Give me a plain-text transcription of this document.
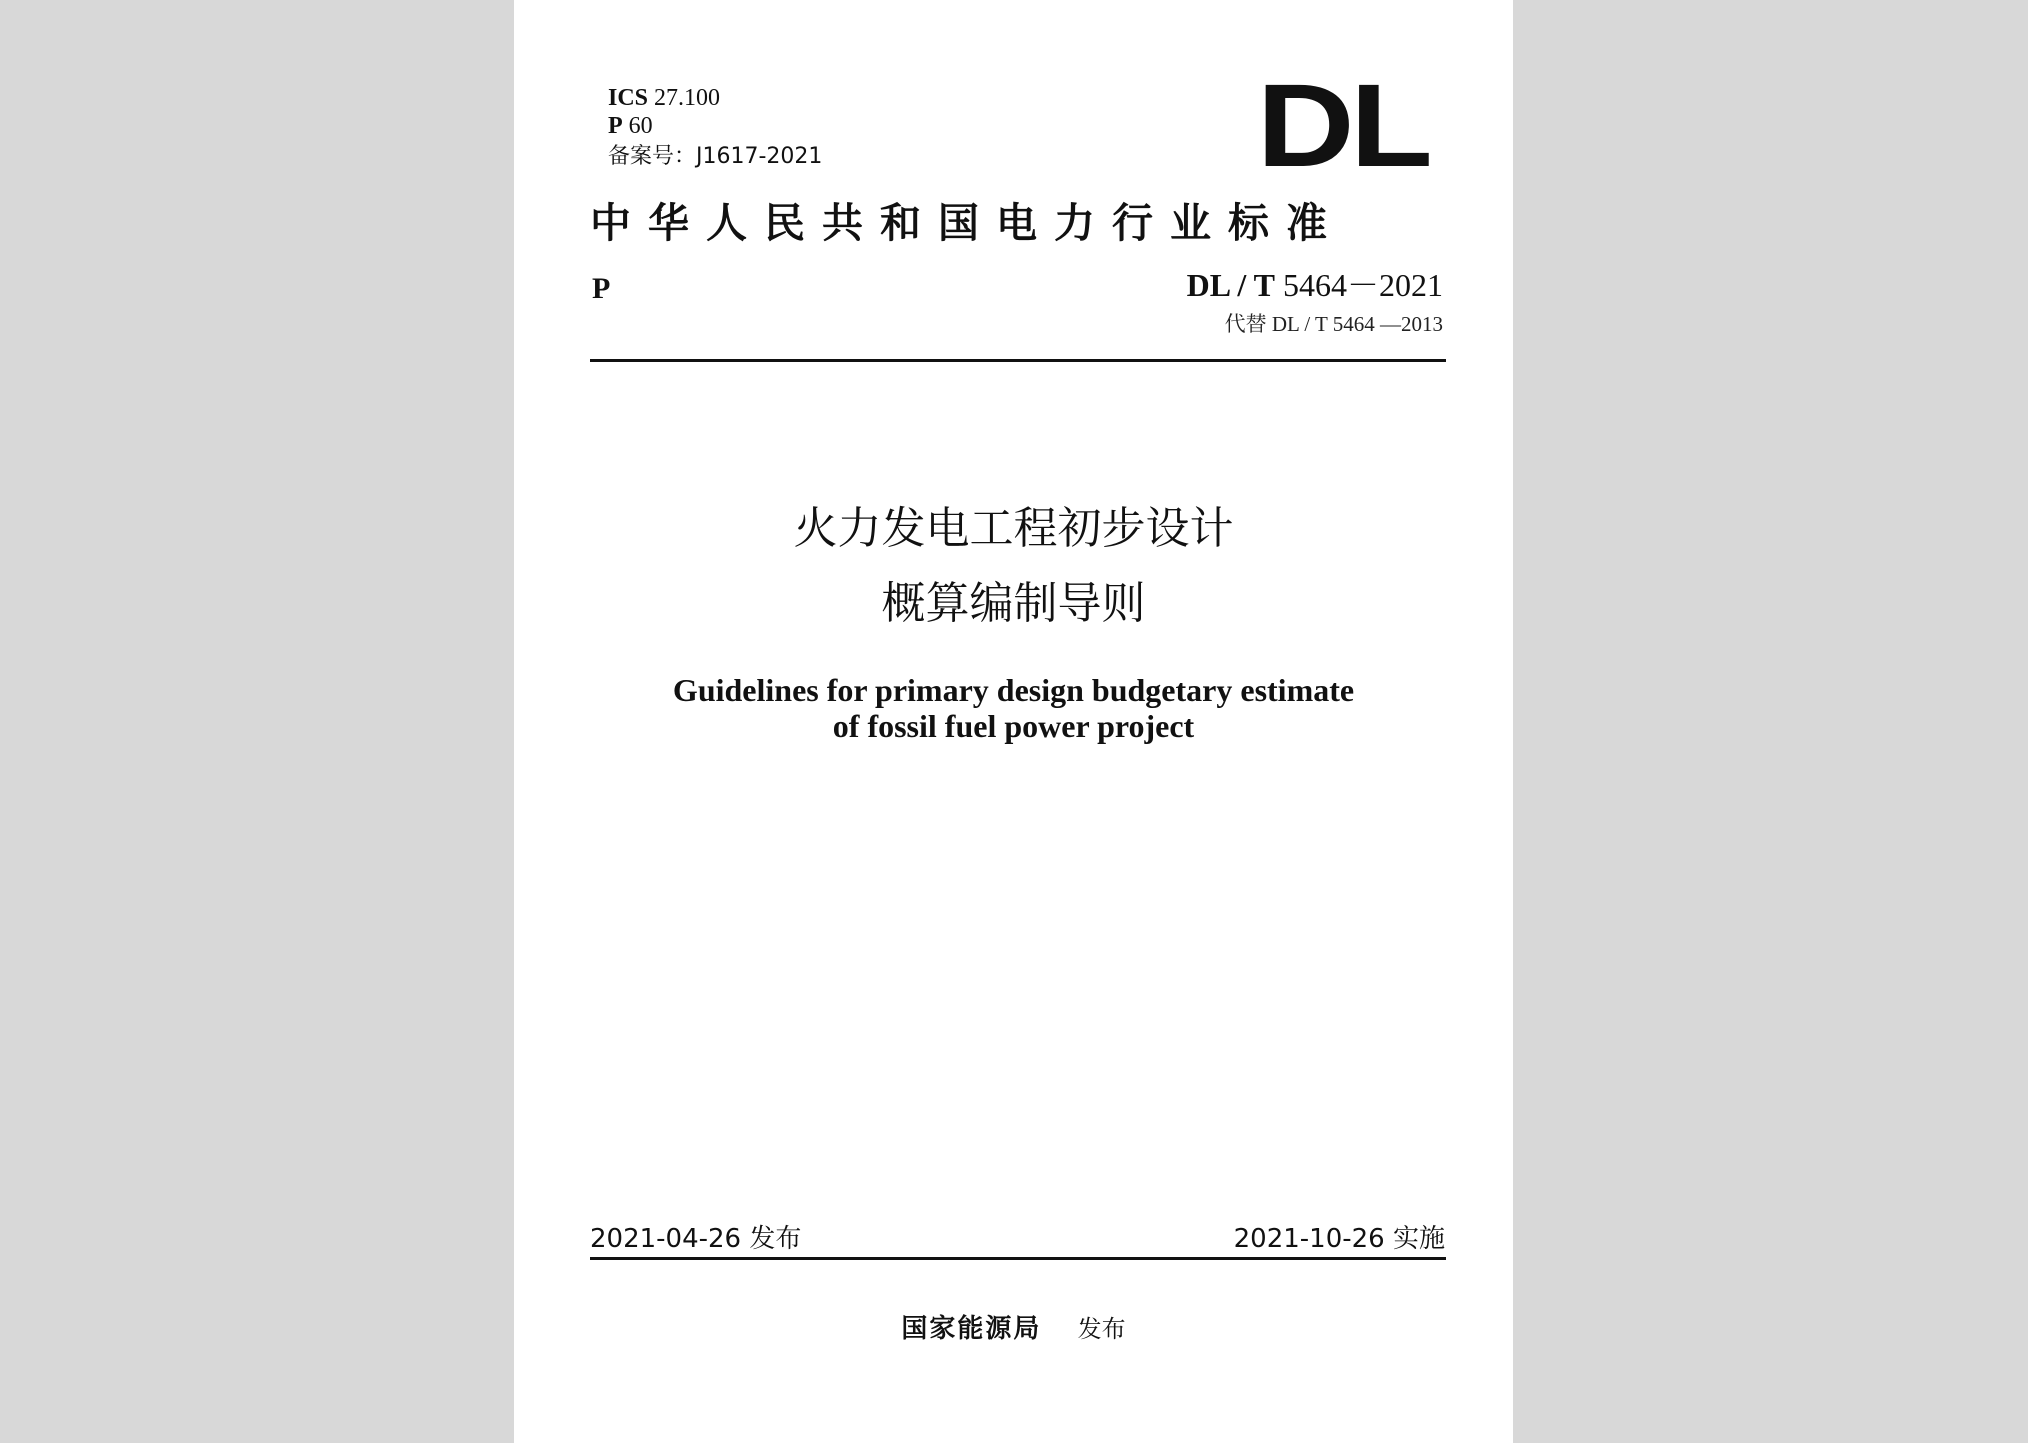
ICS 27.100
P 60
备案号：J1617-2021	DL
中华人民共和国电力行业标准
P	DL / T 5464－2021
代替 DL / T 5464 —2013
火力发电工程初步设计
概算编制导则
Guidelines for primary design budgetary estimate
of fossil fuel power project
2021-04-26 发布	2021-10-26 实施
国家能源局 发布
